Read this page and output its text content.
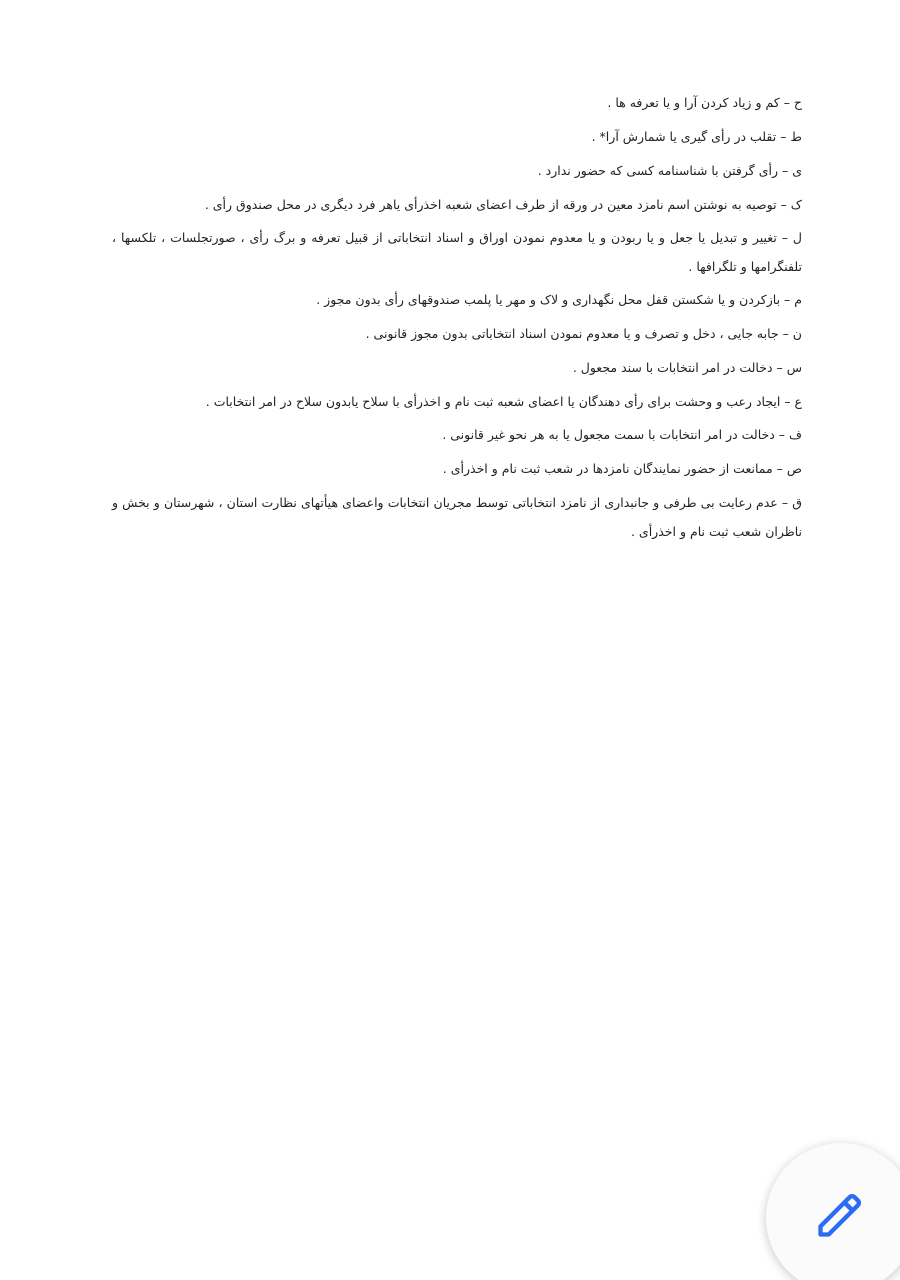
ح – کم و زیاد کردن آرا و یا تعرفه ها .

ط – تقلب در رأی گیری یا شمارش آرا* .

ی – رأی گرفتن با شناسنامه کسی که حضور ندارد .

ک – توصیه به نوشتن اسم نامزد معین در ورقه از طرف اعضای شعبه اخذرأی یاهر فرد دیگری در محل صندوق رأی .

ل – تغییر و تبدیل یا جعل و یا ربودن و یا معدوم نمودن اوراق و اسناد انتخاباتی از قبیل تعرفه و برگ رأی ، صورتجلسات ، تلکسها ، تلفنگرامها و تلگرافها .

م – بازکردن و یا شکستن قفل محل نگهداری و لاک و مهر یا پلمب صندوقهای رأی بدون مجوز .

ن – جابه جایی ، دخل و تصرف و یا معدوم نمودن اسناد انتخاباتی بدون مجوز قانونی .

س – دخالت در امر انتخابات با سند مجعول .

ع – ایجاد رعب و وحشت برای رأی دهندگان یا اعضای شعبه ثبت نام و اخذرأی با سلاح یابدون سلاح در امر انتخابات .

ف – دخالت در امر انتخابات با سمت مجعول یا به هر نحو غیر قانونی .

ص – ممانعت از حضور نمایندگان نامزدها در شعب ثبت نام و اخذرأی .

ق – عدم رعایت بی طرفی و جانبداری از نامزد انتخاباتی توسط مجریان انتخابات واعضای هیأتهای نظارت استان ، شهرستان و بخش و ناظران شعب ثبت نام و اخذرأی .
